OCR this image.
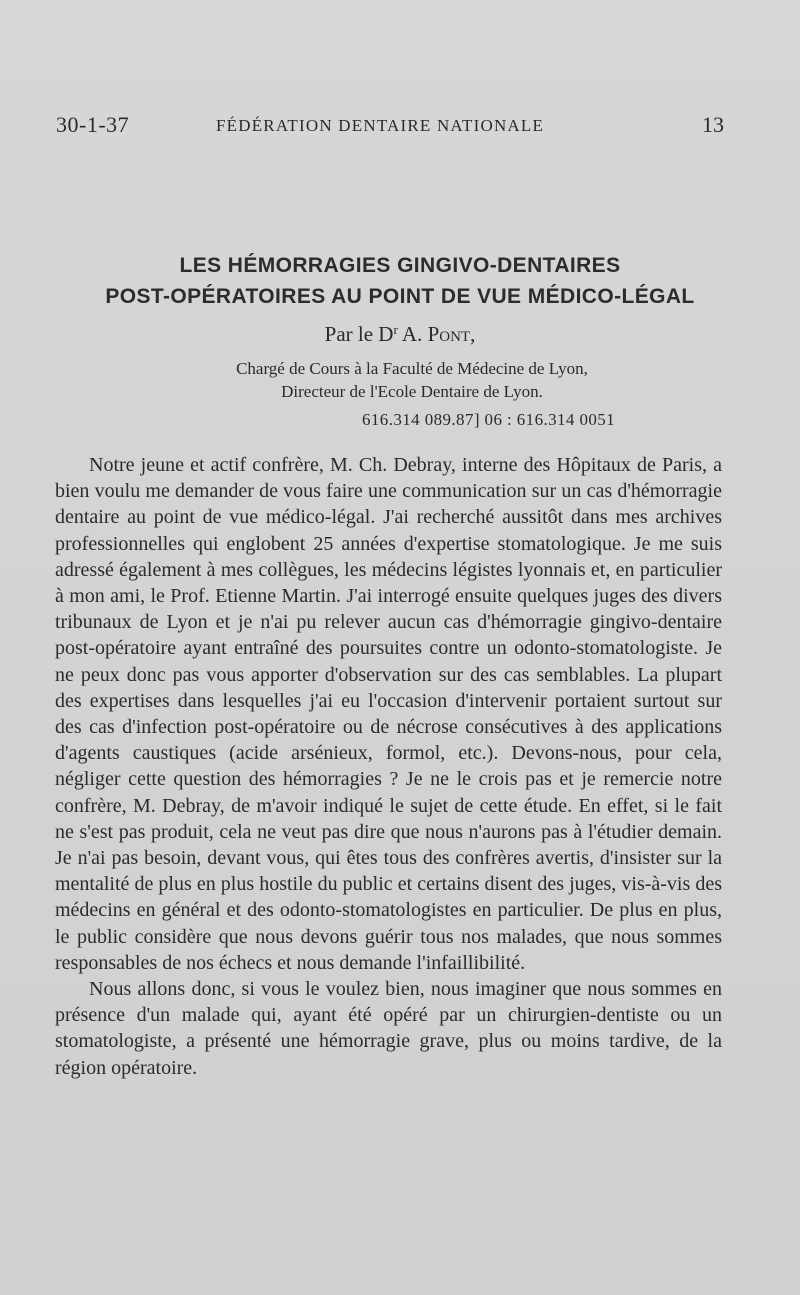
30-1-37	FÉDÉRATION DENTAIRE NATIONALE	13
LES HÉMORRAGIES GINGIVO-DENTAIRES
POST-OPÉRATOIRES AU POINT DE VUE MÉDICO-LÉGAL
Par le $D^r$ A. Pont,
Chargé de Cours à la Faculté de Médecine de Lyon,
Directeur de l'Ecole Dentaire de Lyon.
616.314 089.87] 06 : 616.314 0051

Notre jeune et actif confrère, M. Ch. Debray, interne des Hôpitaux de Paris, a bien voulu me demander de vous faire une communication sur un cas d'hémorragie dentaire au point de vue médico-légal. J'ai recherché aussitôt dans mes archives professionnelles qui englobent 25 années d'expertise stomatologique. Je me suis adressé également à mes collègues, les médecins légistes lyonnais et, en particulier à mon ami, le Prof. Etienne Martin. J'ai interrogé ensuite quelques juges des divers tribunaux de Lyon et je n'ai pu relever aucun cas d'hémorragie gingivo-dentaire post-opératoire ayant entraîné des poursuites contre un odonto-stomatologiste. Je ne peux donc pas vous apporter d'observation sur des cas semblables. La plupart des expertises dans lesquelles j'ai eu l'occasion d'intervenir portaient surtout sur des cas d'infection post-opératoire ou de nécrose consécutives à des applications d'agents caustiques (acide arsénieux, formol, etc.). Devons-nous, pour cela, négliger cette question des hémorragies ? Je ne le crois pas et je remercie notre confrère, M. Debray, de m'avoir indiqué le sujet de cette étude. En effet, si le fait ne s'est pas produit, cela ne veut pas dire que nous n'aurons pas à l'étudier demain. Je n'ai pas besoin, devant vous, qui êtes tous des confrères avertis, d'insister sur la mentalité de plus en plus hostile du public et certains disent des juges, vis-à-vis des médecins en général et des odonto-stomatologistes en particulier. De plus en plus, le public considère que nous devons guérir tous nos malades, que nous sommes responsables de nos échecs et nous demande l'infaillibilité.

Nous allons donc, si vous le voulez bien, nous imaginer que nous sommes en présence d'un malade qui, ayant été opéré par un chirurgien-dentiste ou un stomatologiste, a présenté une hémorragie grave, plus ou moins tardive, de la région opératoire.
